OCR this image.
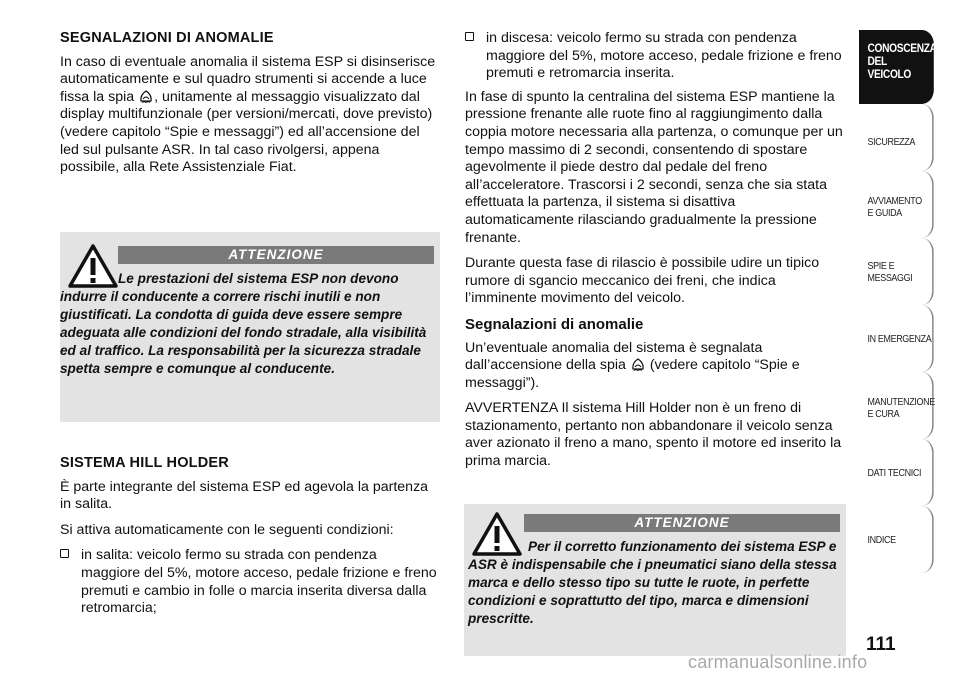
SEGNALAZIONI DI ANOMALIE

In caso di eventuale anomalia il sistema ESP si disinserisce automaticamente e sul quadro strumenti si accende a luce fissa la spia , unitamente al messaggio visualizzato dal display multifunzionale (per versioni/mercati, dove previsto) (vedere capitolo “Spie e messaggi”) ed all’accensione del led sul pulsante ASR. In tal caso rivolgersi, appena possibile, alla Rete Assistenziale Fiat.

ATTENZIONE
Le prestazioni del sistema ESP non devono indurre il conducente a correre rischi inutili e non giustificati. La condotta di guida deve essere sempre adeguata alle condizioni del fondo stradale, alla visibilità ed al traffico. La responsabilità per la sicurezza stradale spetta sempre e comunque al conducente.
SISTEMA HILL HOLDER

È parte integrante del sistema ESP ed agevola la partenza in salita.

Si attiva automaticamente con le seguenti condizioni:

in salita: veicolo fermo su strada con pendenza maggiore del 5%, motore acceso, pedale frizione e freno premuti e cambio in folle o marcia inserita diversa dalla retromarcia;
in discesa: veicolo fermo su strada con pendenza maggiore del 5%, motore acceso, pedale frizione e freno premuti e retromarcia inserita.

In fase di spunto la centralina del sistema ESP mantiene la pressione frenante alle ruote fino al raggiungimento dalla coppia motore necessaria alla partenza, o comunque per un tempo massimo di 2 secondi, consentendo di spostare agevolmente il piede destro dal pedale del freno all’acceleratore. Trascorsi i 2 secondi, senza che sia stata effettuata la partenza, il sistema si disattiva automaticamente rilasciando gradualmente la pressione frenante.

Durante questa fase di rilascio è possibile udire un tipico rumore di sgancio meccanico dei freni, che indica l’imminente movimento del veicolo.

Segnalazioni di anomalie

Un’eventuale anomalia del sistema è segnalata dall’accensione della spia (vedere capitolo “Spie e messaggi”).

AVVERTENZA Il sistema Hill Holder non è un freno di stazionamento, pertanto non abbandonare il veicolo senza aver azionato il freno a mano, spento il motore ed inserito la prima marcia.

ATTENZIONE
Per il corretto funzionamento dei sistema ESP e ASR è indispensabile che i pneumatici siano della stessa marca e dello stesso tipo su tutte le ruote, in perfette condizioni e soprattutto del tipo, marca e dimensioni prescritte.
CONOSCENZA
DEL
VEICOLO
SICUREZZA
AVVIAMENTO
E GUIDA
SPIE E
MESSAGGI
IN EMERGENZA
MANUTENZIONE
E CURA
DATI TECNICI
INDICE
111
carmanualsonline.info
